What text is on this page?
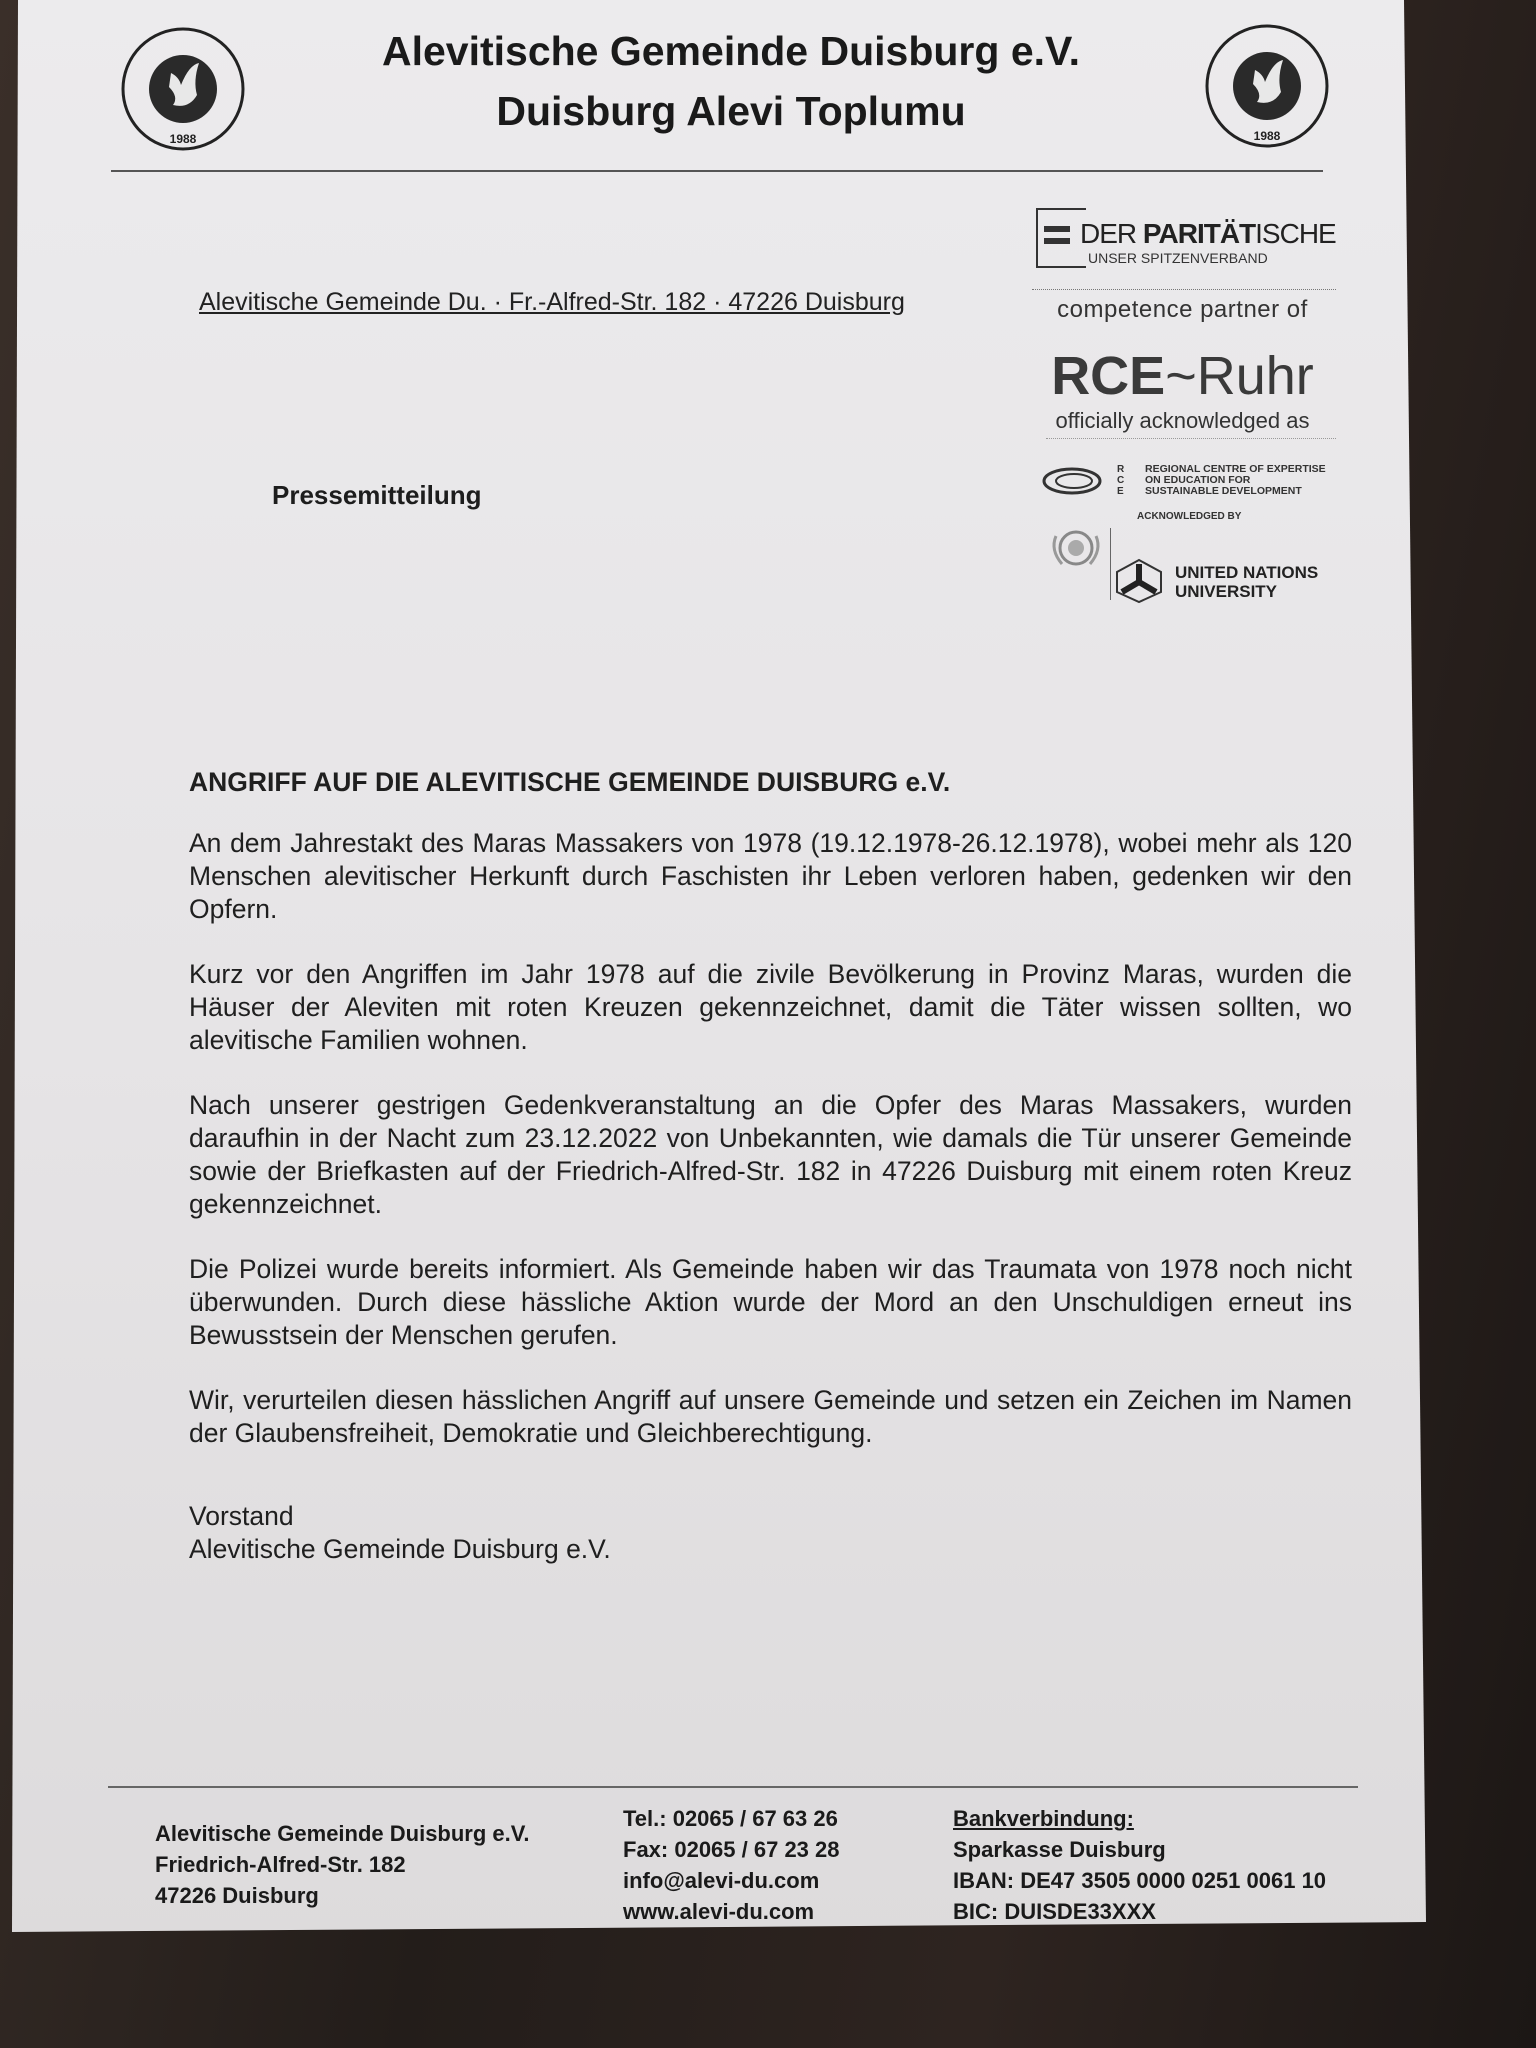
1988	1988
Alevitische Gemeinde Duisburg e.V.
Duisburg Alevi Toplumu
Alevitische Gemeinde Du. · Fr.-Alfred-Str. 182 · 47226 Duisburg
DER PARITÄTISCHE
UNSER SPITZENVERBAND
competence partner of
RCE~Ruhr
officially acknowledged as
R
C
E
REGIONAL CENTRE OF EXPERTISE
ON EDUCATION FOR
SUSTAINABLE DEVELOPMENT
ACKNOWLEDGED BY
UNITED NATIONS
UNIVERSITY
Pressemitteilung

ANGRIFF AUF DIE ALEVITISCHE GEMEINDE DUISBURG e.V.

An dem Jahrestakt des Maras Massakers von 1978 (19.12.1978-26.12.1978), wobei mehr als 120 Menschen alevitischer Herkunft durch Faschisten ihr Leben verloren haben, gedenken wir den Opfern.

Kurz vor den Angriffen im Jahr 1978 auf die zivile Bevölkerung in Provinz Maras, wurden die Häuser der Aleviten mit roten Kreuzen gekennzeichnet, damit die Täter wissen sollten, wo alevitische Familien wohnen.

Nach unserer gestrigen Gedenkveranstaltung an die Opfer des Maras Massakers, wurden daraufhin in der Nacht zum 23.12.2022 von Unbekannten, wie damals die Tür unserer Gemeinde sowie der Briefkasten auf der Friedrich-Alfred-Str. 182 in 47226 Duisburg mit einem roten Kreuz gekennzeichnet.

Die Polizei wurde bereits informiert. Als Gemeinde haben wir das Traumata von 1978 noch nicht überwunden. Durch diese hässliche Aktion wurde der Mord an den Unschuldigen erneut ins Bewusstsein der Menschen gerufen.

Wir, verurteilen diesen hässlichen Angriff auf unsere Gemeinde und setzen ein Zeichen im Namen der Glaubensfreiheit, Demokratie und Gleichberechtigung.

Vorstand
Alevitische Gemeinde Duisburg e.V.
Alevitische Gemeinde Duisburg e.V.
Friedrich-Alfred-Str. 182
47226 Duisburg
Tel.: 02065 / 67 63 26
Fax: 02065 / 67 23 28
info@alevi-du.com
www.alevi-du.com
Bankverbindung:
Sparkasse Duisburg
IBAN: DE47 3505 0000 0251 0061 10
BIC: DUISDE33XXX
